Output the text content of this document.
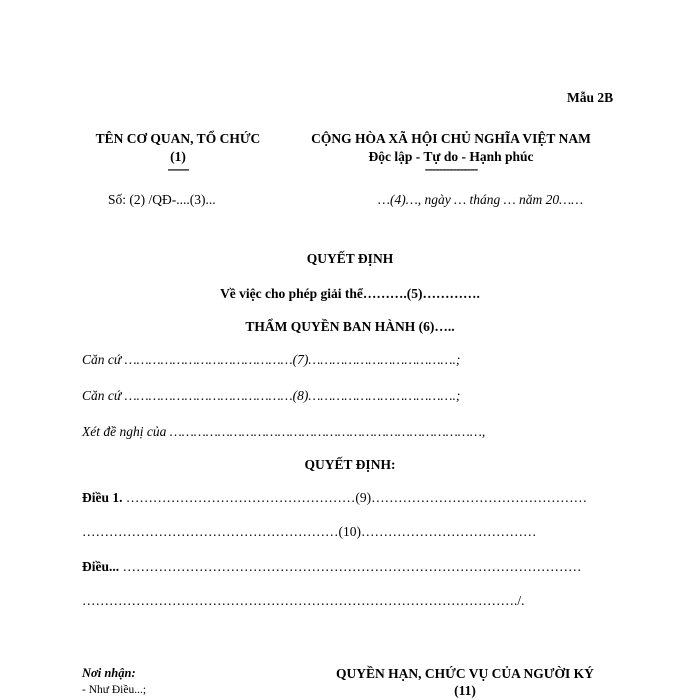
Mẫu 2B
TÊN CƠ QUAN, TỔ CHỨC
(1)
------
Số: (2) /QĐ-....(3)...
CỘNG HÒA XÃ HỘI CHỦ NGHĨA VIỆT NAM
Độc lập - Tự do - Hạnh phúc
---------------
…(4)…, ngày … tháng … năm 20……
QUYẾT ĐỊNH
Về việc cho phép giải thể……….(5)………….
THẨM QUYỀN BAN HÀNH (6)…..
Căn cứ ……………………………………(7)……………………………….;
Căn cứ ……………………………………(8)……………………………….;
Xét đề nghị của ……………………………………………………………………,
QUYẾT ĐỊNH:
Điều 1. ……………………………………………(9)…………………………………………
…………………………………………………(10)…………………………………
Điều... …………………………………………………………………………………………
……………………………………………………………………………………./.
Nơi nhận:
- Như Điều...;
QUYỀN HẠN, CHỨC VỤ CỦA NGƯỜI KÝ
(11)
